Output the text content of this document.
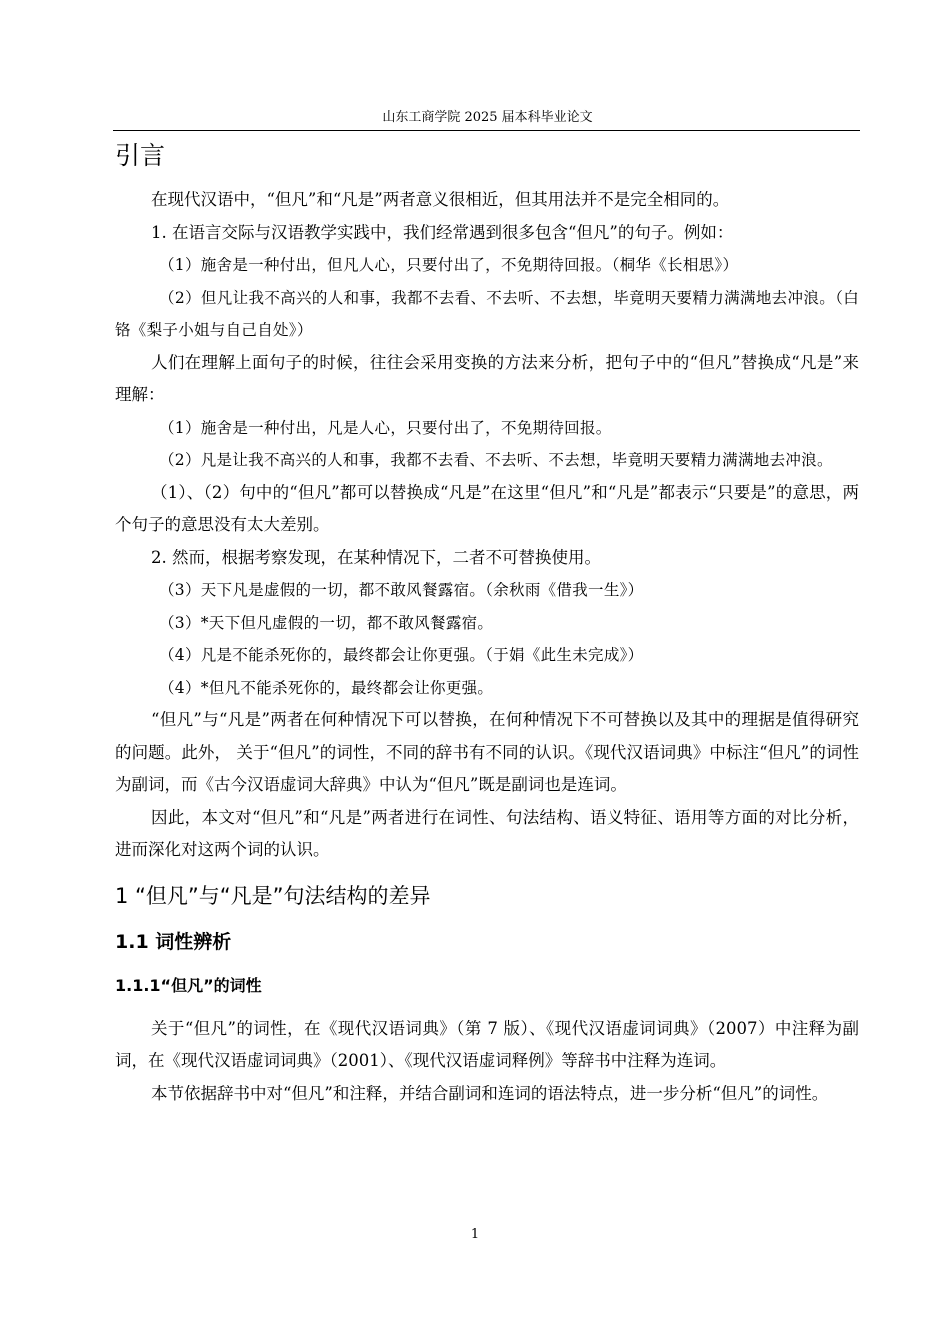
山东工商学院 2025 届本科毕业论文
引言

在现代汉语中，“但凡”和“凡是”两者意义很相近，但其用法并不是完全相同的。

1. 在语言交际与汉语教学实践中，我们经常遇到很多包含“但凡”的句子。例如：

（1）施舍是一种付出，但凡人心，只要付出了，不免期待回报。（桐华《长相思》）

（2）但凡让我不高兴的人和事，我都不去看、不去听、不去想，毕竟明天要精力满满地去冲浪。（白铬《梨子小姐与自己自处》）

人们在理解上面句子的时候，往往会采用变换的方法来分析，把句子中的“但凡”替换成“凡是”来理解：

（1）施舍是一种付出，凡是人心，只要付出了，不免期待回报。

（2）凡是让我不高兴的人和事，我都不去看、不去听、不去想，毕竟明天要精力满满地去冲浪。

（1）、（2）句中的“但凡”都可以替换成“凡是”在这里“但凡”和“凡是”都表示“只要是”的意思，两个句子的意思没有太大差别。

2. 然而，根据考察发现，在某种情况下，二者不可替换使用。

（3）天下凡是虚假的一切，都不敢风餐露宿。（余秋雨《借我一生》）

（3）*天下但凡虚假的一切，都不敢风餐露宿。

（4）凡是不能杀死你的，最终都会让你更强。（于娟《此生未完成》）

（4）*但凡不能杀死你的，最终都会让你更强。

“但凡”与“凡是”两者在何种情况下可以替换，在何种情况下不可替换以及其中的理据是值得研究的问题。此外， 关于“但凡”的词性，不同的辞书有不同的认识。《现代汉语词典》中标注“但凡”的词性为副词，而《古今汉语虚词大辞典》中认为“但凡”既是副词也是连词。

因此，本文对“但凡”和“凡是”两者进行在词性、句法结构、语义特征、语用等方面的对比分析，进而深化对这两个词的认识。

1 “但凡”与“凡是”句法结构的差异
1.1 词性辨析
1.1.1“但凡”的词性

关于“但凡”的词性，在《现代汉语词典》（第 7 版）、《现代汉语虚词词典》（2007）中注释为副词，在《现代汉语虚词词典》（2001）、《现代汉语虚词释例》等辞书中注释为连词。

本节依据辞书中对“但凡”和注释，并结合副词和连词的语法特点，进一步分析“但凡”的词性。

1
